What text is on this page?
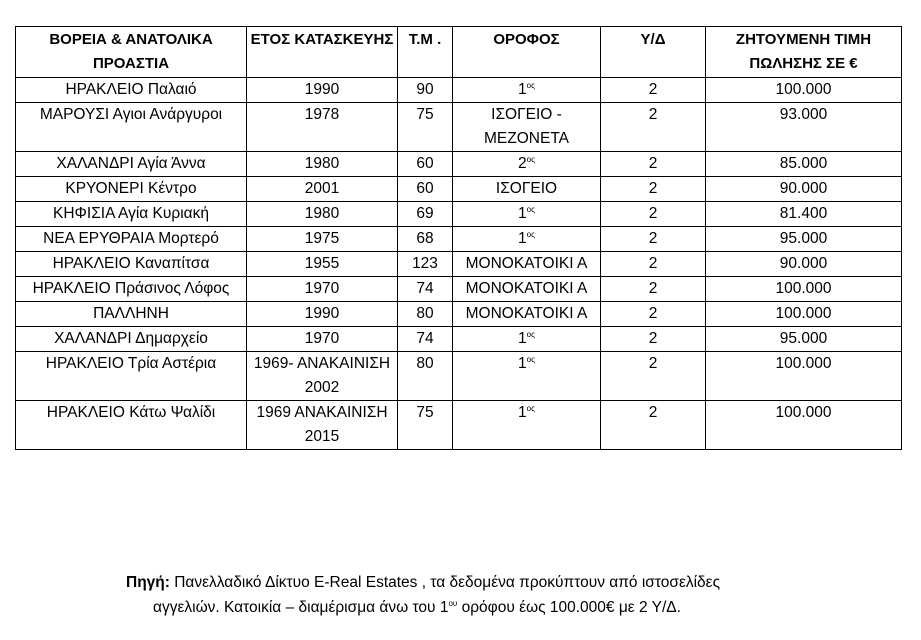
ΒΟΡΕΙΑ & ΑΝΑΤΟΛΙΚΑ ΠΡΟΑΣΤΙΑ	ΕΤΟΣ ΚΑΤΑΣΚΕΥΗΣ	Τ.Μ .	ΟΡΟΦΟΣ	Υ/Δ	ΖΗΤΟΥΜΕΝΗ ΤΙΜΗ ΠΩΛΗΣΗΣ ΣΕ €
ΗΡΑΚΛΕΙΟ Παλαιό	1990	90	$1^{o\varsigma}$	2	100.000
ΜΑΡΟΥΣΙ Αγιοι Ανάργυροι	1978	75	ΙΣΟΓΕΙΟ - ΜΕΖΟΝΕΤΑ	2	93.000
ΧΑΛΑΝΔΡΙ Αγία Άννα	1980	60	$2^{o\varsigma}$	2	85.000
ΚΡΥΟΝΕΡΙ Κέντρο	2001	60	ΙΣΟΓΕΙΟ	2	90.000
ΚΗΦΙΣΙΑ Αγία Κυριακή	1980	69	$1^{o\varsigma}$	2	81.400
ΝΕΑ ΕΡΥΘΡΑΙΑ Μορτερό	1975	68	$1^{o\varsigma}$	2	95.000
ΗΡΑΚΛΕΙΟ Καναπίτσα	1955	123	ΜΟΝΟΚΑΤΟΙΚΙ Α	2	90.000
ΗΡΑΚΛΕΙΟ Πράσινος Λόφος	1970	74	ΜΟΝΟΚΑΤΟΙΚΙ Α	2	100.000
ΠΑΛΛΗΝΗ	1990	80	ΜΟΝΟΚΑΤΟΙΚΙ Α	2	100.000
ΧΑΛΑΝΔΡΙ Δημαρχείο	1970	74	$1^{o\varsigma}$	2	95.000
ΗΡΑΚΛΕΙΟ Τρία Αστέρια	1969- ΑΝΑΚΑΙΝΙΣΗ 2002	80	$1^{o\varsigma}$	2	100.000
ΗΡΑΚΛΕΙΟ Κάτω Ψαλίδι	1969 ΑΝΑΚΑΙΝΙΣΗ 2015	75	$1^{o\varsigma}$	2	100.000
Πηγή: Πανελλαδικό Δίκτυο E-Real Estates , τα δεδομένα προκύπτουν από ιστοσελίδες
αγγελιών. Κατοικία – διαμέρισμα άνω του $1^{o\upsilon}$ ορόφου έως 100.000€ με 2 Υ/Δ.
